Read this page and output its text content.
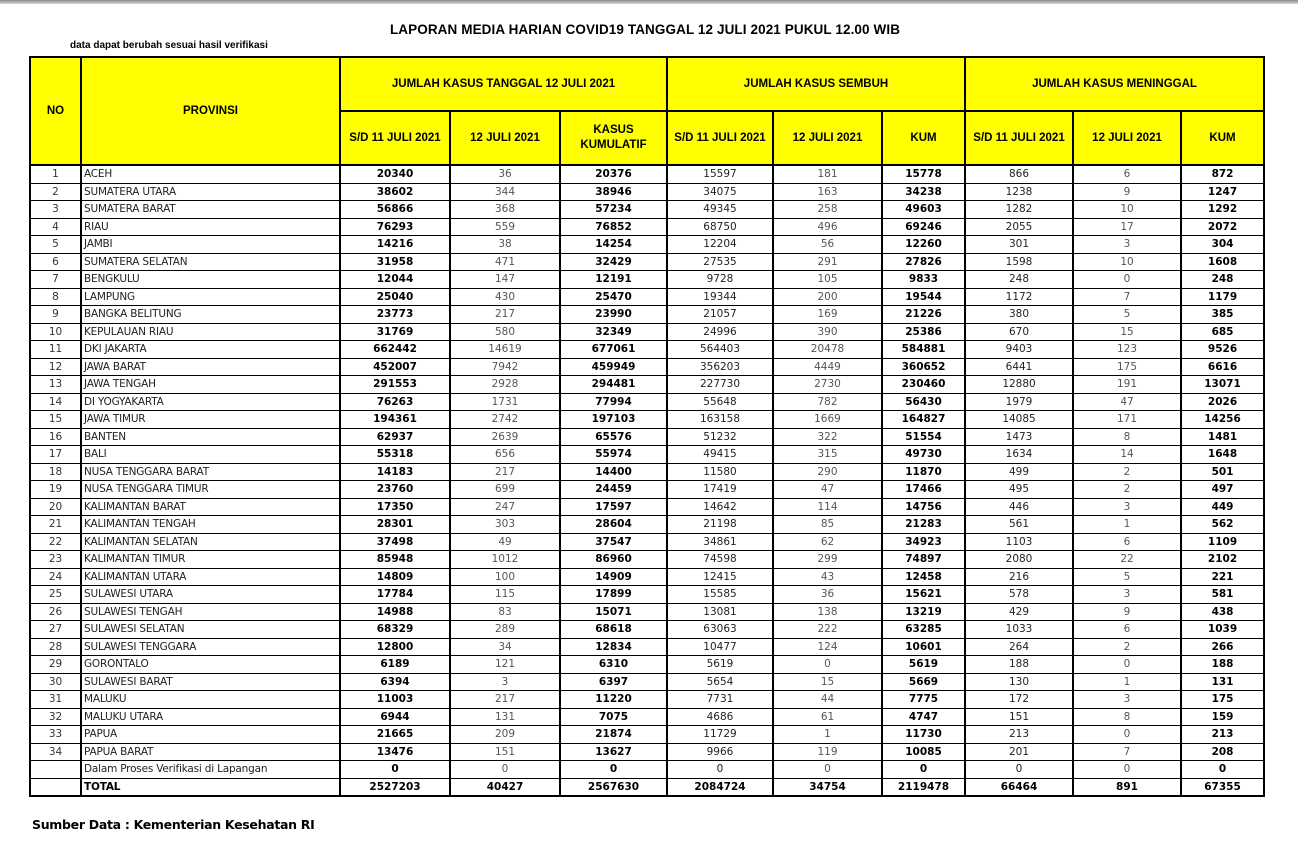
LAPORAN MEDIA HARIAN COVID19 TANGGAL 12 JULI 2021 PUKUL 12.00 WIB
data dapat berubah sesuai hasil verifikasi
NO	PROVINSI	JUMLAH KASUS TANGGAL 12 JULI 2021			JUMLAH KASUS SEMBUH			JUMLAH KASUS MENINGGAL		
		S/D 11 JULI 2021	12 JULI 2021	KASUS KUMULATIF	S/D 11 JULI 2021	12 JULI 2021	KUM	S/D 11 JULI 2021	12 JULI 2021	KUM
1	ACEH	20340	36	20376	15597	181	15778	866	6	872
2	SUMATERA UTARA	38602	344	38946	34075	163	34238	1238	9	1247
3	SUMATERA BARAT	56866	368	57234	49345	258	49603	1282	10	1292
4	RIAU	76293	559	76852	68750	496	69246	2055	17	2072
5	JAMBI	14216	38	14254	12204	56	12260	301	3	304
6	SUMATERA SELATAN	31958	471	32429	27535	291	27826	1598	10	1608
7	BENGKULU	12044	147	12191	9728	105	9833	248	0	248
8	LAMPUNG	25040	430	25470	19344	200	19544	1172	7	1179
9	BANGKA BELITUNG	23773	217	23990	21057	169	21226	380	5	385
10	KEPULAUAN RIAU	31769	580	32349	24996	390	25386	670	15	685
11	DKI JAKARTA	662442	14619	677061	564403	20478	584881	9403	123	9526
12	JAWA BARAT	452007	7942	459949	356203	4449	360652	6441	175	6616
13	JAWA TENGAH	291553	2928	294481	227730	2730	230460	12880	191	13071
14	DI YOGYAKARTA	76263	1731	77994	55648	782	56430	1979	47	2026
15	JAWA TIMUR	194361	2742	197103	163158	1669	164827	14085	171	14256
16	BANTEN	62937	2639	65576	51232	322	51554	1473	8	1481
17	BALI	55318	656	55974	49415	315	49730	1634	14	1648
18	NUSA TENGGARA BARAT	14183	217	14400	11580	290	11870	499	2	501
19	NUSA TENGGARA TIMUR	23760	699	24459	17419	47	17466	495	2	497
20	KALIMANTAN BARAT	17350	247	17597	14642	114	14756	446	3	449
21	KALIMANTAN TENGAH	28301	303	28604	21198	85	21283	561	1	562
22	KALIMANTAN SELATAN	37498	49	37547	34861	62	34923	1103	6	1109
23	KALIMANTAN TIMUR	85948	1012	86960	74598	299	74897	2080	22	2102
24	KALIMANTAN UTARA	14809	100	14909	12415	43	12458	216	5	221
25	SULAWESI UTARA	17784	115	17899	15585	36	15621	578	3	581
26	SULAWESI TENGAH	14988	83	15071	13081	138	13219	429	9	438
27	SULAWESI SELATAN	68329	289	68618	63063	222	63285	1033	6	1039
28	SULAWESI TENGGARA	12800	34	12834	10477	124	10601	264	2	266
29	GORONTALO	6189	121	6310	5619	0	5619	188	0	188
30	SULAWESI BARAT	6394	3	6397	5654	15	5669	130	1	131
31	MALUKU	11003	217	11220	7731	44	7775	172	3	175
32	MALUKU UTARA	6944	131	7075	4686	61	4747	151	8	159
33	PAPUA	21665	209	21874	11729	1	11730	213	0	213
34	PAPUA BARAT	13476	151	13627	9966	119	10085	201	7	208
	Dalam Proses Verifikasi di Lapangan	0	0	0	0	0	0	0	0	0
	TOTAL	2527203	40427	2567630	2084724	34754	2119478	66464	891	67355
Sumber Data : Kementerian Kesehatan RI
